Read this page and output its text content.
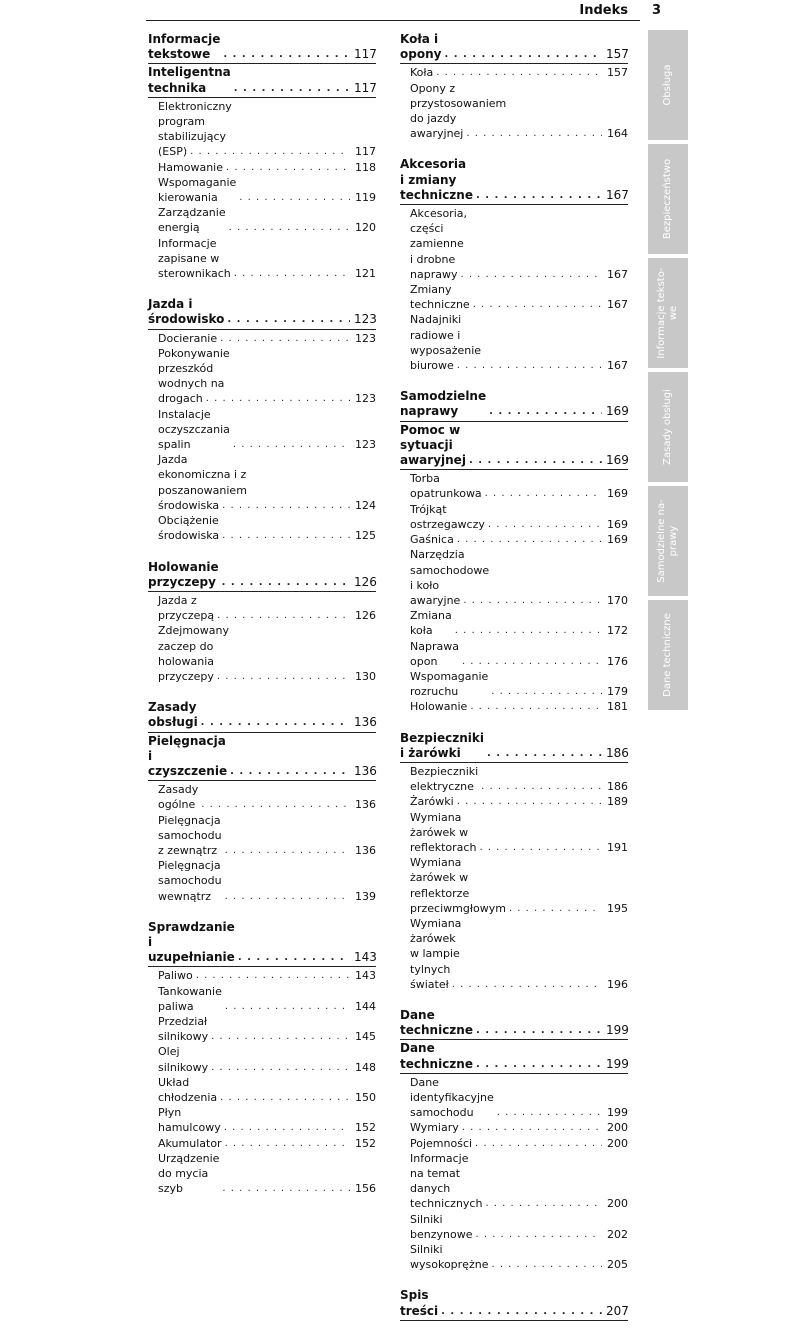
Indeks 3
Informacje tekstowe . . .	117
Inteligentna technika . . .	117
Elektroniczny program stabilizujący
(ESP) . . .	117
Hamowanie . . .	118
Wspomaganie kierowania . . .	119
Zarządzanie energią . . .	120
Informacje zapisane w sterownikach . . .	121
Jazda i środowisko . . .	123
Docieranie . . .	123
Pokonywanie przeszkód wodnych na
drogach . . .	123
Instalacje oczyszczania spalin . . .	123
Jazda ekonomiczna i z poszanowaniem
środowiska . . .	124
Obciążenie środowiska . . .	125
Holowanie przyczepy . . .	126
Jazda z przyczepą . . .	126
Zdejmowany zaczep do holowania
przyczepy . . .	130
Zasady obsługi . . .	136
Pielęgnacja i czyszczenie . . .	136
Zasady ogólne . . .	136
Pielęgnacja samochodu z zewnątrz . . .	136
Pielęgnacja samochodu wewnątrz . . .	139
Sprawdzanie i uzupełnianie . . .	143
Paliwo . . .	143
Tankowanie paliwa . . .	144
Przedział silnikowy . . .	145
Olej silnikowy . . .	148
Układ chłodzenia . . .	150
Płyn hamulcowy . . .	152
Akumulator . . .	152
Urządzenie do mycia szyb . . .	156
Koła i opony . . .	157
Koła . . .	157
Opony z przystosowaniem do jazdy
awaryjnej . . .	164
Akcesoria i zmiany techniczne . . .	167
Akcesoria, części zamienne i drobne
naprawy . . .	167
Zmiany techniczne . . .	167
Nadajniki radiowe i wyposażenie
biurowe . . .	167
Samodzielne naprawy . . .	169
Pomoc w sytuacji awaryjnej . . .	169
Torba opatrunkowa . . .	169
Trójkąt ostrzegawczy . . .	169
Gaśnica . . .	169
Narzędzia samochodowe i koło
awaryjne . . .	170
Zmiana koła . . .	172
Naprawa opon . . .	176
Wspomaganie rozruchu . . .	179
Holowanie . . .	181
Bezpieczniki i żarówki . . .	186
Bezpieczniki elektryczne . . .	186
Żarówki . . .	189
Wymiana żarówek w reflektorach . . .	191
Wymiana żarówek w reflektorze
przeciwmgłowym . . .	195
Wymiana żarówek w lampie tylnych
świateł . . .	196
Dane techniczne . . .	199
Dane techniczne . . .	199
Dane identyfikacyjne samochodu . . .	199
Wymiary . . .	200
Pojemności . . .	200
Informacje na temat danych
technicznych . . .	200
Silniki benzynowe . . .	202
Silniki wysokoprężne . . .	205
Spis treści . . .	207
Obsługa
Bezpieczeństwo
Informacje teksto-
we
Zasady obsługi
Samodzielne na-
prawy
Dane techniczne
